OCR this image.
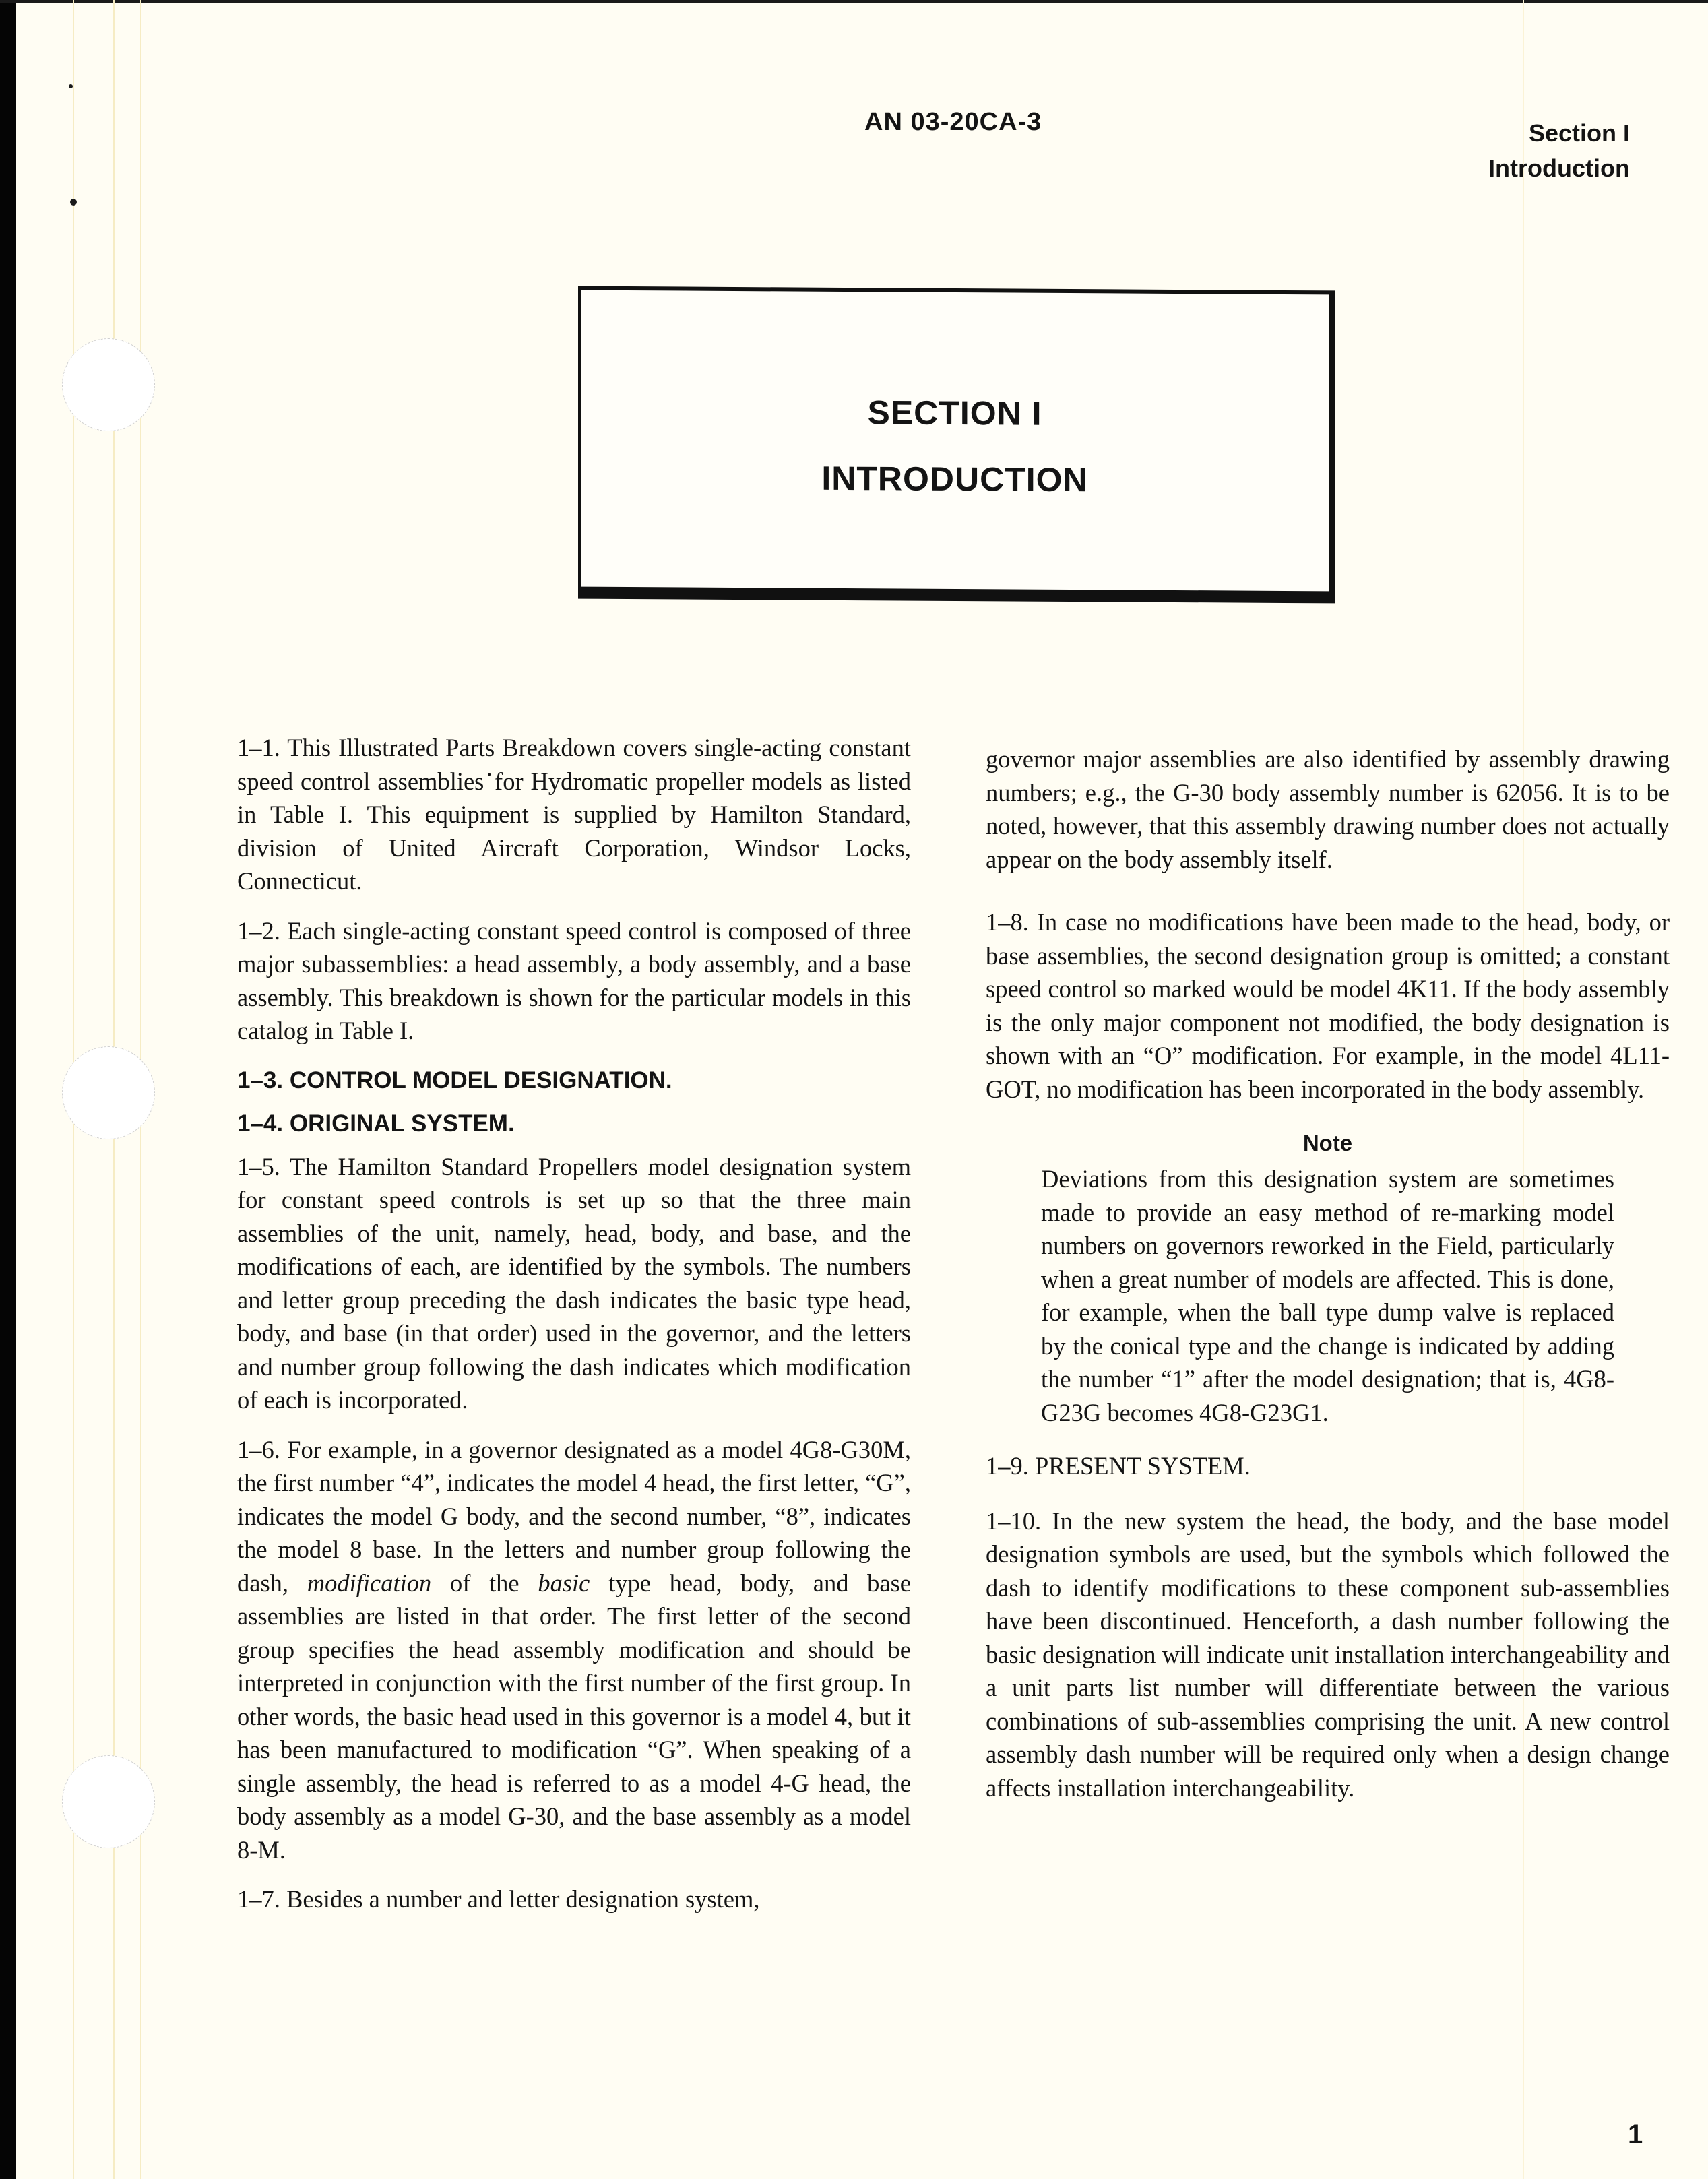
AN 03-20CA-3	Section I
Introduction
SECTION I
INTRODUCTION

1–1. This Illustrated Parts Breakdown covers single-acting constant speed control assemblies˙for Hydromatic propeller models as listed in Table I. This equipment is supplied by Hamilton Standard, division of United Aircraft Corporation, Windsor Locks, Connecticut.

1–2. Each single-acting constant speed control is composed of three major subassemblies: a head assembly, a body assembly, and a base assembly. This breakdown is shown for the particular models in this catalog in Table I.

1–3. CONTROL MODEL DESIGNATION.
1–4. ORIGINAL SYSTEM.

1–5. The Hamilton Standard Propellers model designation system for constant speed controls is set up so that the three main assemblies of the unit, namely, head, body, and base, and the modifications of each, are identified by the symbols. The numbers and letter group preceding the dash indicates the basic type head, body, and base (in that order) used in the governor, and the letters and number group following the dash indicates which modification of each is incorporated.

1–6. For example, in a governor designated as a model 4G8-G30M, the first number “4”, indicates the model 4 head, the first letter, “G”, indicates the model G body, and the second number, “8”, indicates the model 8 base. In the letters and number group following the dash, modification of the basic type head, body, and base assemblies are listed in that order. The first letter of the second group specifies the head assembly modification and should be interpreted in conjunction with the first number of the first group. In other words, the basic head used in this governor is a model 4, but it has been manufactured to modification “G”. When speaking of a single assembly, the head is referred to as a model 4-G head, the body assembly as a model G-30, and the base assembly as a model 8-M.

1–7. Besides a number and letter designation system,

governor major assemblies are also identified by assembly drawing numbers; e.g., the G-30 body assembly number is 62056. It is to be noted, however, that this assembly drawing number does not actually appear on the body assembly itself.

1–8. In case no modifications have been made to the head, body, or base assemblies, the second designation group is omitted; a constant speed control so marked would be model 4K11. If the body assembly is the only major component not modified, the body designation is shown with an “O” modification. For example, in the model 4L11-GOT, no modification has been incorporated in the body assembly.

Note

Deviations from this designation system are sometimes made to provide an easy method of re-marking model numbers on governors reworked in the Field, particularly when a great number of models are affected. This is done, for example, when the ball type dump valve is replaced by the conical type and the change is indicated by adding the number “1” after the model designation; that is, 4G8-G23G becomes 4G8-G23G1.

1–9. PRESENT SYSTEM.

1–10. In the new system the head, the body, and the base model designation symbols are used, but the symbols which followed the dash to identify modifications to these component sub-assemblies have been discontinued. Henceforth, a dash number following the basic designation will indicate unit installation interchangeability and a unit parts list number will differentiate between the various combinations of sub-assemblies comprising the unit. A new control assembly dash number will be required only when a design change affects installation interchangeability.

1
